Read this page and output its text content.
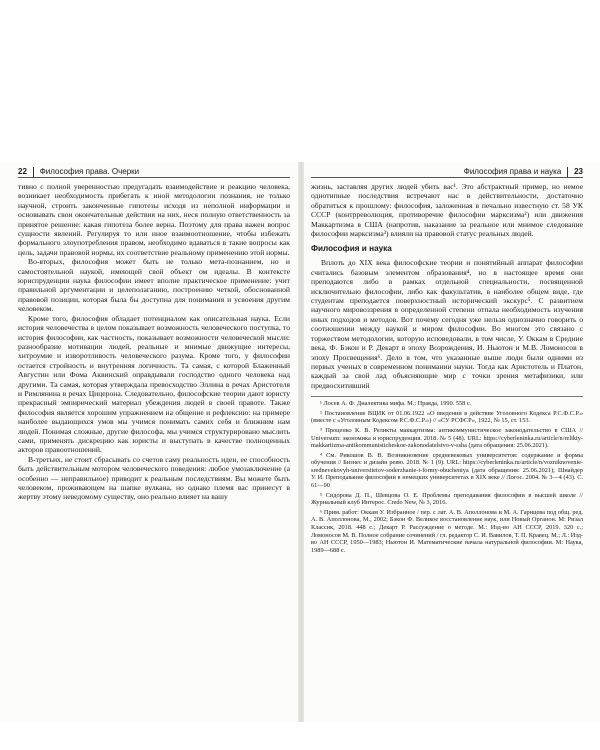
22 Философия права. Очерки

тивно с полной уверенностью предугадать взаимодействие и реакцию человека, возникает необходимость прибегать к иной методологии познания, не только научной, строить законченные гипотезы исходя из неполной информации и основывать свои окончательные действия на них, неся полную ответственность за принятое решение: какая гипотеза более верна. Поэтому для права важен вопрос сущности явлений. Регулируя то или иное взаимоотношение, чтобы избежать формального злоупотребления правом, необходимо вдаваться в такие вопросы как цель, задачи правовой нормы, их соответствие реальному применению этой нормы.

Во-вторых, философия может быть не только мета-познанием, но и самостоятельной наукой, имеющей свой объект ом идеалы. В контексте юриспруденции наука философии имеет вполне практическое применение: учит правильной аргументации и целеполаганию, построению четкой, обоснованной правовой позиции, которая была бы доступна для понимания и усвоения другим человеком.

Кроме того, философия обладает потенциалом как описательная наука. Если история человечества в целом показывает возможность человеческого поступка, то история философии, как частность, показывает возможности человеческой мысли: разнообразие мотивации людей, реальные и мнимые движущие интересы, хитроумие и изворотливость человеческого разума. Кроме того, у философии остается стройность и внутренняя логичность. Та самая, с которой Блаженный Августин или Фома Аквинский оправдывали господство одного человека над другими. Та самая, которая утверждала превосходство Эллина в речах Аристотеля и Римлянина в речах Цицерона. Следовательно, философские теории дают юристу прекрасный эмпирический материал убеждения людей в своей правоте. Также философия является хорошим упражнением на общение и рефлексию: на примере наиболее выдающихся умов мы учимся понимать самих себя и ближним нам людей. Понимая сложные, другие философа, мы учимся структурировано мыслить сами, применять дискрецию как юристы и выступать в качестве полноценных акторов правоотношений.

В-третьих, не стоит сбрасывать со счетов саму реальность идеи, ее способность быть действительным мотором человеческого поведения: любое умозаключение (а особенно — неправильное) приводит к реальным последствиям. Вы можете быть человеком, проживающем на шапке вулкана, но однако племя вас принесут в жертву этому неведомому существу, оно реально влияет на вашу

Философия права и наука 23

жизнь, заставляя других людей убить вас¹. Это абстрактный пример, но немое однотипные последствия встречают нас в действительности, достаточно обратиться к прошлому: философия, заложенная в печально известную ст. 58 УК СССР (контрреволюция, противоречие философии марксизма²) или движения Маккартизма в США (напротив, наказание за реальное или мнимое следование философии марксизма³) влияли на правовой статус реальных людей.

Философия и наука

Вплоть до XIX века философские теории и понятийный аппарат философии считались базовым элементом образования⁴, но в настоящее время они преподаются либо в рамках отдельной специальности, посвященной исключительно философии, либо как факультатив, в наиболее общем виде, где студентам преподается поверхностный исторический экскурс⁵. С развитием научного мировоззрения в определенной степени отпала необходимость изучения иных подходов и методов. Вот почему сегодня уже нельзя однозначно говорить о соотношении между наукой и миром философии. Во многом это связано с торжеством методологии, которую исповедовали, в том числе, У. Оккам в Средние века, Ф. Бэкон и Р. Декарт в эпоху Возрождения, И. Ньютон и М.В. Ломоносов в эпоху Просвещения⁶. Дело в том, что указанные выше люди были одними из первых ученых в современном понимании науки. Тогда как Аристотель и Платон, каждый за свой лад объясняющие мир с точки зрения метафизики, или предвосхитивший

¹ Лосев А. Ф. Диалектика мифа. М.: Правда, 1990. 558 с.

² Постановление ВЦИК от 01.06.1922 «О введении в действие Уголовного Кодекса Р.С.Ф.С.Р.» (вместе с «Уголовным Кодексом Р.С.Ф.С.Р.») // «СУ РСФСР», 1922, № 15, ст. 153.

³ Проценко К. В. Реликты маккартизма: антикоммунистическое законодательство в США // Universum: экономика и юриспруденция. 2018. № 5 (48). URL: https://cyberleninka.ru/article/n/relikty-makkartizma-antikommunisticheskoe-zakonodatelstvo-v-ssha (дата обращения: 25.06.2021).

⁴ См. Рикошов В. В. Возникновение средневековых университетов: содержание и формы обучения // Бизнес и дизайн ревю. 2018. № 1 (9). URL: https://cyberleninka.ru/article/n/vozniknovenie-srednevekovyh-universitetov-soderzhanie-i-formy-obucheniya (дата обращения: 25.06.2021); Шнайдер У. И. Преподавание философии в немецких университетах в XIX веке // Логос. 2004. № 3—4 (43). С. 61—90

⁵ Сидорова Д. П., Шевцова О. Е. Проблемы преподавания философии в высшей школе // Журнальный клуб Интерос. Credo New, № 3, 2016.

⁶ Прим. работ: Оккам У. Избранное / пер. с лат. А. В. Аполлонова и М. А. Гарнцева под общ. ред. А. В. Аполлонова, М., 2002; Бэкон Ф. Великое восстановление наук, или Новый Органон. М: Ризал Классик, 2018. 448 с.; Декарт Р. Рассуждение о методе. М.: Изд-во АН СССР, 2019. 320 с.; Ломоносов М. В. Полное собрание сочинений / гл. редактор С. И. Вавилов, Т. П. Кравец. М.; Л.: Изд-во АН СССР, 1950—1983; Ньютон И. Математические начала натуральной философии. М: Наука, 1989—688 с.
